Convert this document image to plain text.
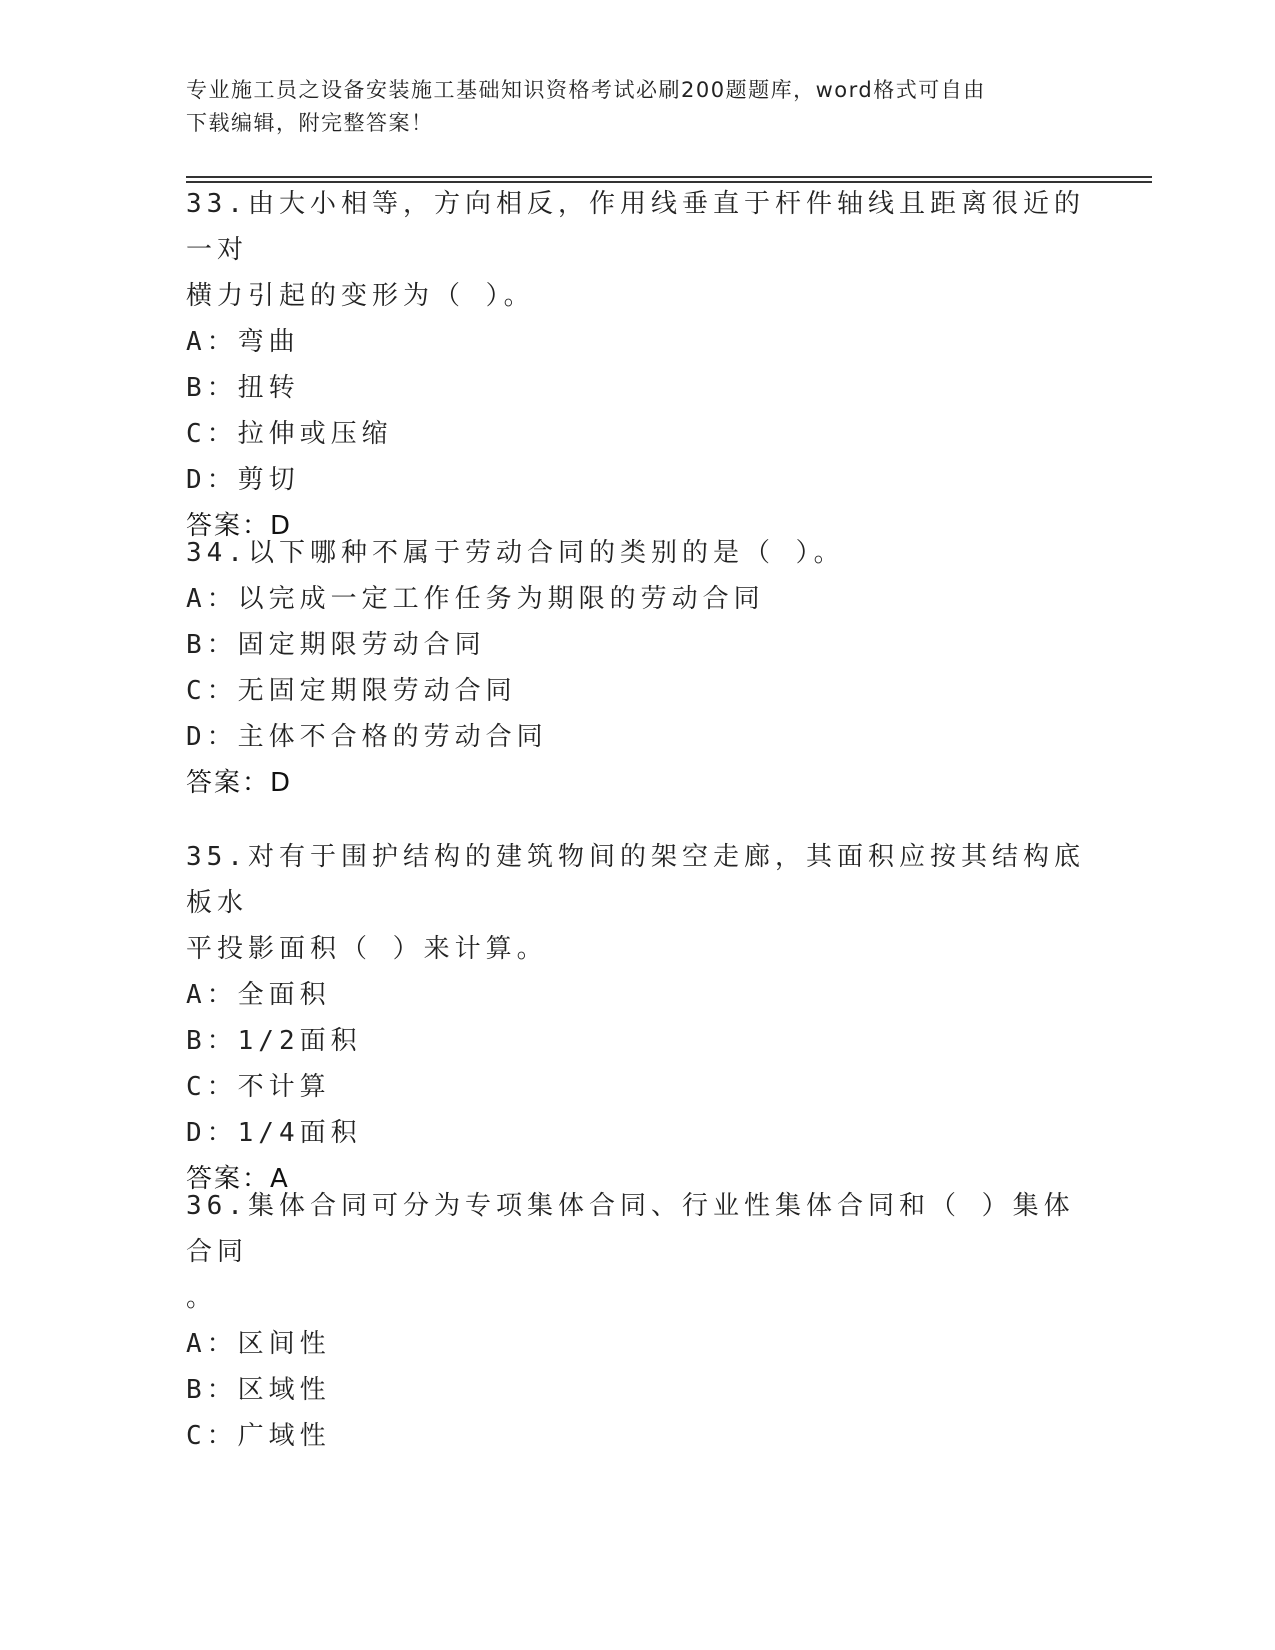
专业施工员之设备安装施工基础知识资格考试必刷200题题库，word格式可自由
下载编辑，附完整答案！

33.由大小相等，方向相反，作用线垂直于杆件轴线且距离很近的一对

横力引起的变形为（ ）。

A：弯曲

B：扭转

C：拉伸或压缩

D：剪切

答案：D

34.以下哪种不属于劳动合同的类别的是（ ）。

A：以完成一定工作任务为期限的劳动合同

B：固定期限劳动合同

C：无固定期限劳动合同

D：主体不合格的劳动合同

答案：D

35.对有于围护结构的建筑物间的架空走廊，其面积应按其结构底板水

平投影面积（ ）来计算。

A：全面积

B：1/2面积

C：不计算

D：1/4面积

答案：A

36.集体合同可分为专项集体合同、行业性集体合同和（ ）集体合同

。

A：区间性

B：区域性

C：广域性
